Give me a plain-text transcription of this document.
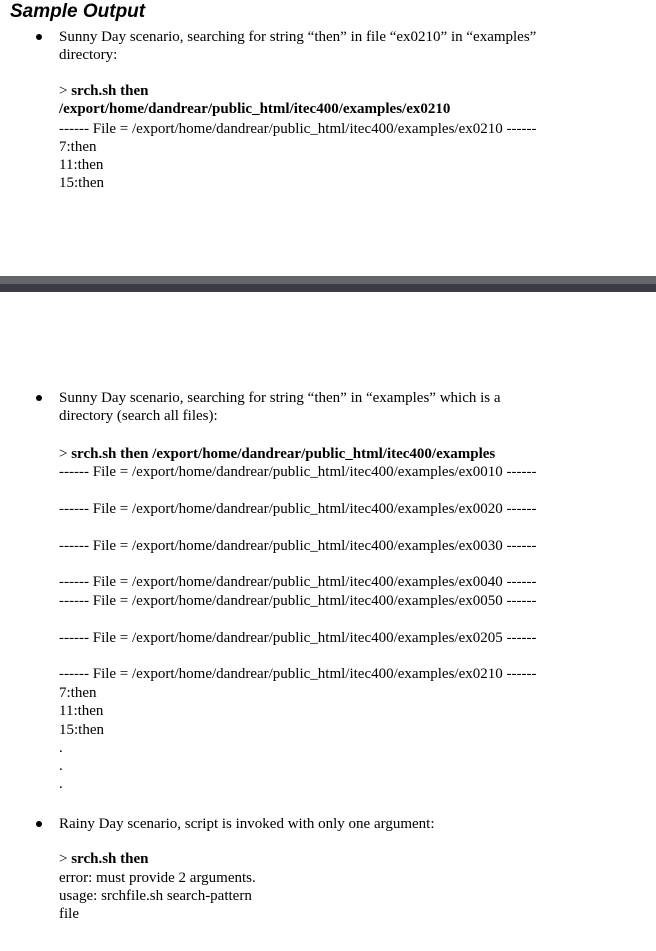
Sample Output
Sunny Day scenario, searching for string “then” in file “ex0210” in “examples”
directory:
> srch.sh then
/export/home/dandrear/public_html/itec400/examples/ex0210
------ File = /export/home/dandrear/public_html/itec400/examples/ex0210 ------
7:then
11:then
15:then
Sunny Day scenario, searching for string “then” in “examples” which is a
directory (search all files):
> srch.sh then /export/home/dandrear/public_html/itec400/examples
------ File = /export/home/dandrear/public_html/itec400/examples/ex0010 ------
------ File = /export/home/dandrear/public_html/itec400/examples/ex0020 ------
------ File = /export/home/dandrear/public_html/itec400/examples/ex0030 ------
------ File = /export/home/dandrear/public_html/itec400/examples/ex0040 ------
------ File = /export/home/dandrear/public_html/itec400/examples/ex0050 ------
------ File = /export/home/dandrear/public_html/itec400/examples/ex0205 ------
------ File = /export/home/dandrear/public_html/itec400/examples/ex0210 ------
7:then
11:then
15:then
.
.
.
Rainy Day scenario, script is invoked with only one argument:
> srch.sh then
error: must provide 2 arguments.
usage: srchfile.sh search-pattern
file
